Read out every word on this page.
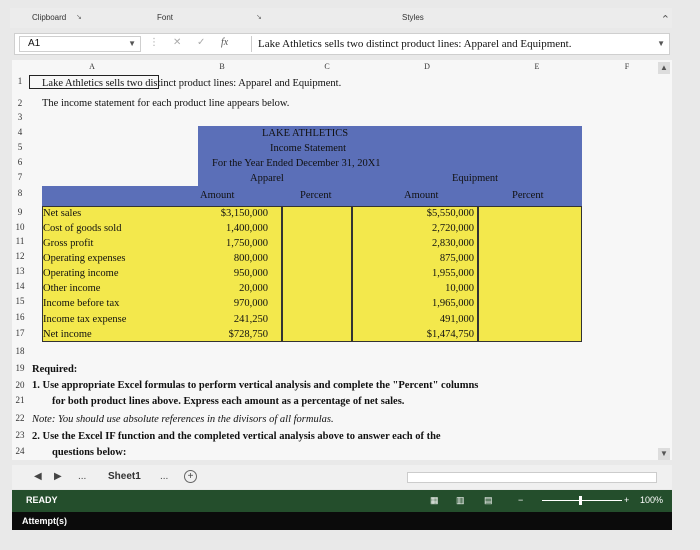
Clipboard ↘	Font	↘	Styles	⌃
A1	▼ ⋮ ✕ ✓ fx	Lake Athletics sells two distinct product lines: Apparel and Equipment.	▼
A	B	C	D	E	F	▲
1
2
3
4
5
6
7
8
9
10
11
12
13
14
15
16
17
18
19
20
21
22
23
24
Lake Athletics sells two distinct product lines: Apparel and Equipment.
The income statement for each product line appears below.
LAKE ATHLETICS
Income Statement
For the Year Ended December 31, 20X1
Apparel	Equipment
Amount	Percent	Amount	Percent
Net sales	$3,150,000	$5,550,000
Cost of goods sold	1,400,000	2,720,000
Gross profit	1,750,000	2,830,000
Operating expenses	800,000	875,000
Operating income	950,000	1,955,000
Other income	20,000	10,000
Income before tax	970,000	1,965,000
Income tax expense	241,250	491,000
Net income	$728,750	$1,474,750
Required:
1. Use appropriate Excel formulas to perform vertical analysis and complete the "Percent" columns
for both product lines above. Express each amount as a percentage of net sales.
Note: You should use absolute references in the divisors of all formulas.
2. Use the Excel IF function and the completed vertical analysis above to answer each of the
questions below:	▼
◀ ▶ ... Sheet1 ...	+
READY	▦ ▥ ▤	−	+ 100%
Attempt(s)
